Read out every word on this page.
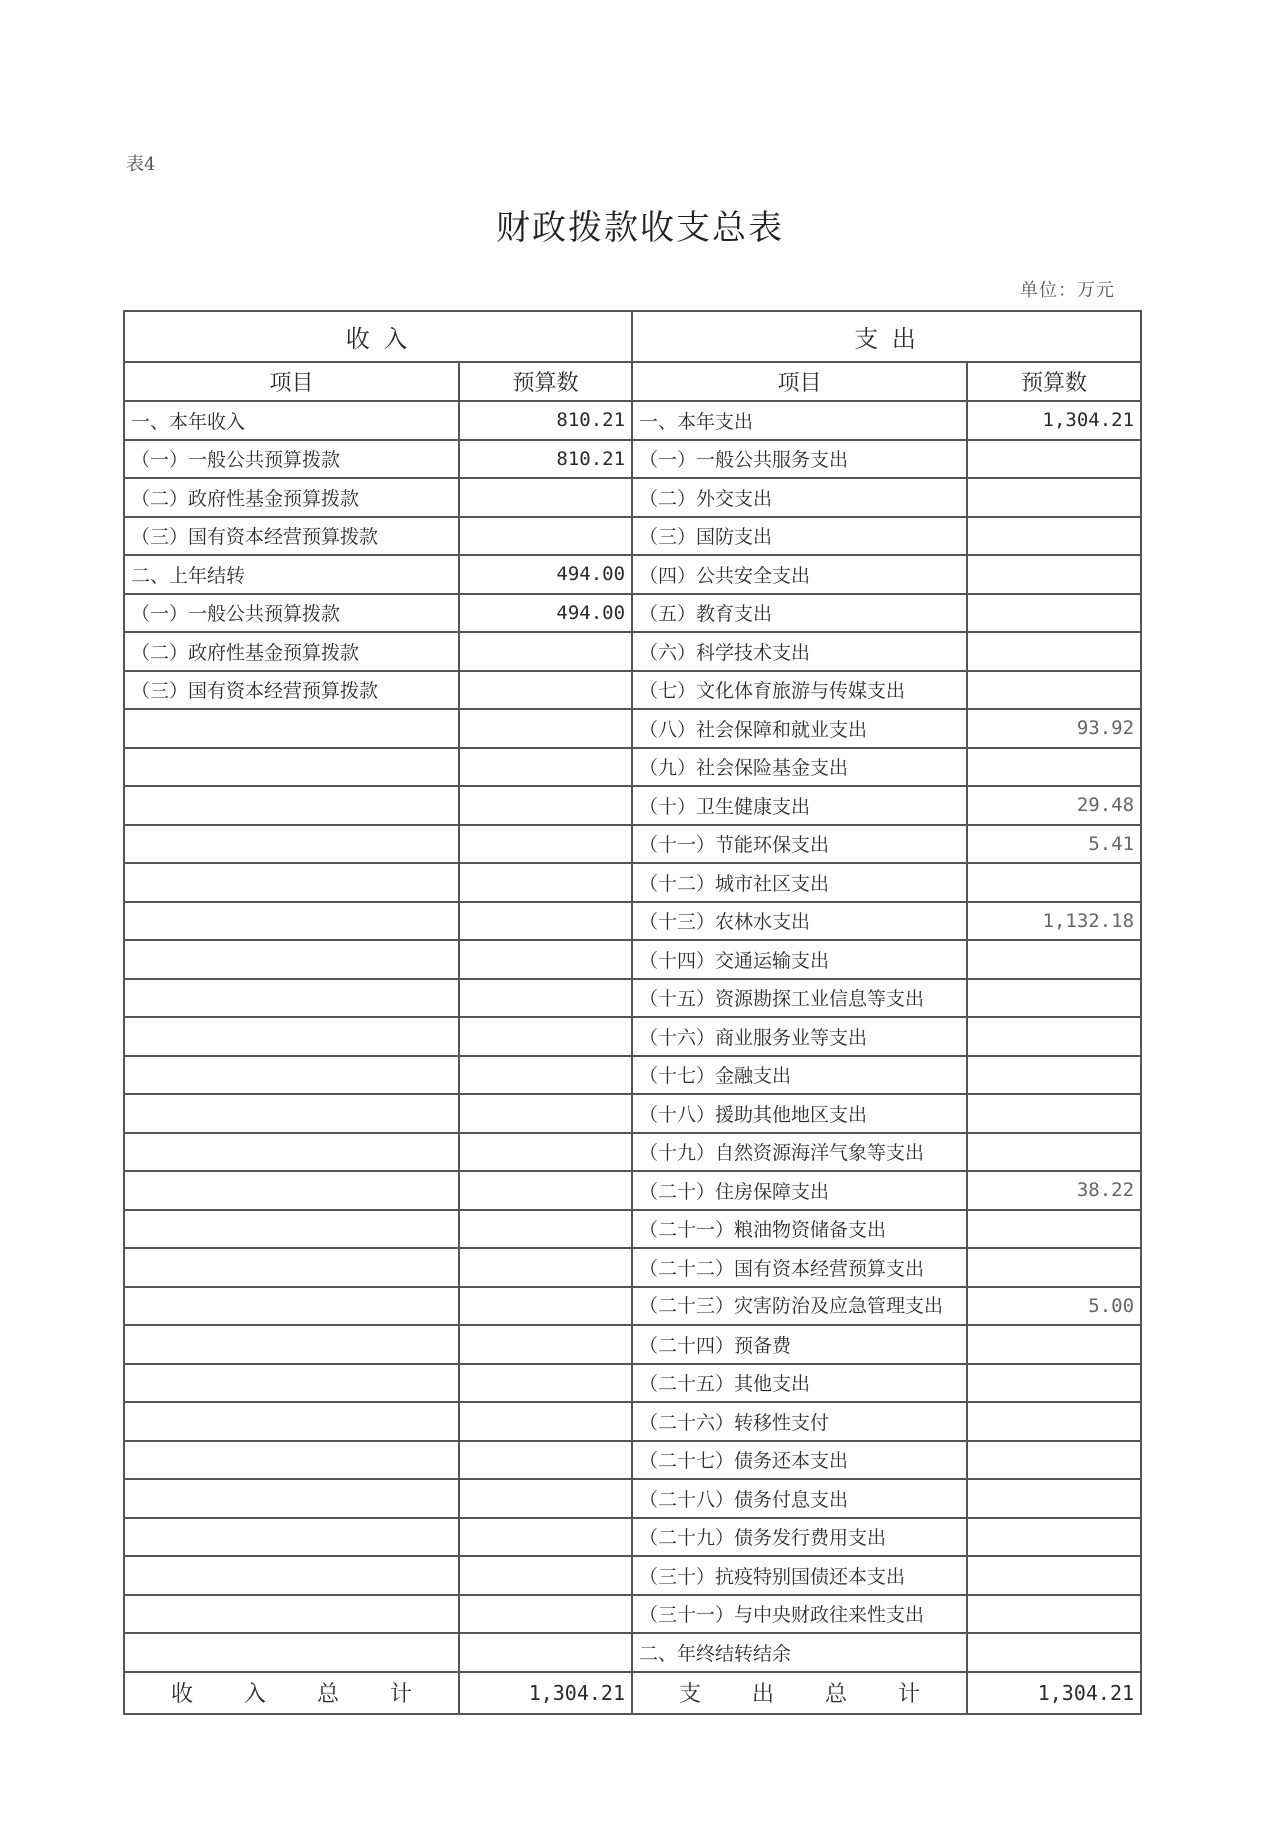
表4
财政拨款收支总表
单位：万元
收 入		支 出	
项目	预算数	项目	预算数
一、本年收入	810.21	一、本年支出	1,304.21
（一）一般公共预算拨款	810.21	（一）一般公共服务支出	
（二）政府性基金预算拨款		（二）外交支出	
（三）国有资本经营预算拨款		（三）国防支出	
二、上年结转	494.00	（四）公共安全支出	
（一）一般公共预算拨款	494.00	（五）教育支出	
（二）政府性基金预算拨款		（六）科学技术支出	
（三）国有资本经营预算拨款		（七）文化体育旅游与传媒支出	
		（八）社会保障和就业支出	93.92
		（九）社会保险基金支出	
		（十）卫生健康支出	29.48
		（十一）节能环保支出	5.41
		（十二）城市社区支出	
		（十三）农林水支出	1,132.18
		（十四）交通运输支出	
		（十五）资源勘探工业信息等支出	
		（十六）商业服务业等支出	
		（十七）金融支出	
		（十八）援助其他地区支出	
		（十九）自然资源海洋气象等支出	
		（二十）住房保障支出	38.22
		（二十一）粮油物资储备支出	
		（二十二）国有资本经营预算支出	
		（二十三）灾害防治及应急管理支出	5.00
		（二十四）预备费	
		（二十五）其他支出	
		（二十六）转移性支付	
		（二十七）债务还本支出	
		（二十八）债务付息支出	
		（二十九）债务发行费用支出	
		（三十）抗疫特别国债还本支出	
		（三十一）与中央财政往来性支出	
		二、年终结转结余	
收 入 总 计	1,304.21	支 出 总 计	1,304.21
